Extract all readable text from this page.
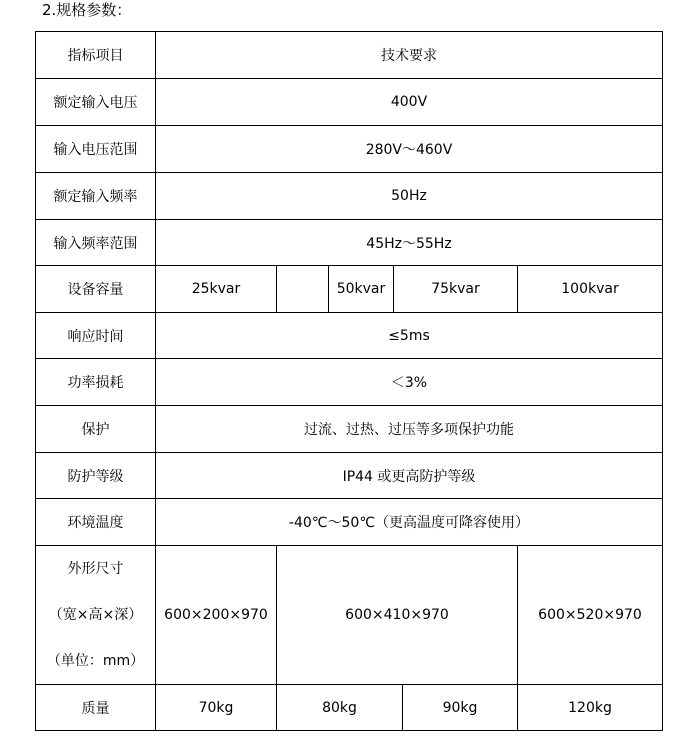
2.规格参数：
指标项目	技术要求					
额定输入电压	400V					
输入电压范围	280V～460V					
额定输入频率	50Hz					
输入频率范围	45Hz～55Hz					
设备容量	25kvar		50kvar	75kvar		100kvar
响应时间	≤5ms					
功率损耗	＜3%					
保护	过流、过热、过压等多项保护功能					
防护等级	IP44 或更高防护等级					
环境温度	-40℃～50℃（更高温度可降容使用）					

外形尺寸
（宽×高×深）
（单位：mm）	600×200×970	600×410×970				600×520×970
质量	70kg	80kg			90kg	120kg
